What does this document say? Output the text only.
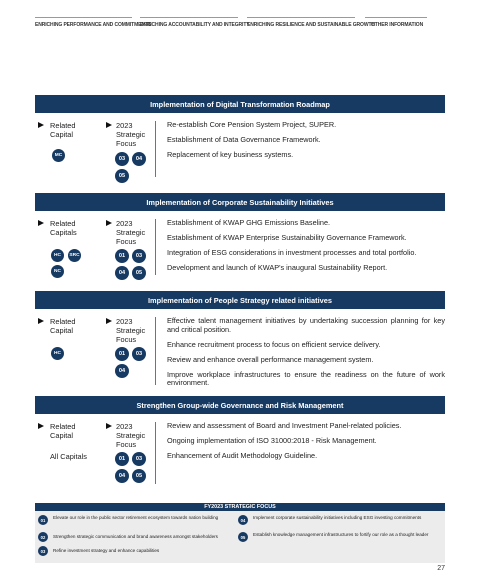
ENRICHING PERFORMANCE AND COMMITMENTS
ENRICHING ACCOUNTABILITY AND INTEGRITY
ENRICHING RESILIENCE AND SUSTAINABLE GROWTH
OTHER INFORMATION
Implementation of Digital Transformation Roadmap
Related Capital
MC
2023 Strategic Focus
03	04
05

Re-establish Core Pension System Project, SUPER.

Establishment of Data Governance Framework.

Replacement of key business systems.

Implementation of Corporate Sustainability Initiatives
Related Capitals
HC	SRC
NC
2023 Strategic Focus
01	03
04	05

Establishment of KWAP GHG Emissions Baseline.

Establishment of KWAP Enterprise Sustainability Governance Framework.

Integration of ESG considerations in investment processes and total portfolio.

Development and launch of KWAP's inaugural Sustainability Report.

Implementation of People Strategy related initiatives
Related Capital
HC
2023 Strategic Focus
01	03
04

Effective talent management initiatives by undertaking succession planning for key and critical position.

Enhance recruitment process to focus on efficient service delivery.

Review and enhance overall performance management system.

Improve workplace infrastructures to ensure the readiness on the future of work environment.

Strengthen Group-wide Governance and Risk Management
Related Capital
All Capitals
2023 Strategic Focus
01	03
04	05

Review and assessment of Board and Investment Panel-related policies.

Ongoing implementation of ISO 31000:2018 - Risk Management.

Enhancement of Audit Methodology Guideline.

FY2023 STRATEGIC FOCUS
01	Elevate our role in the public sector retirement ecosystem towards nation building
02	Strengthen strategic communication and brand awareness amongst stakeholders
03	Refine investment strategy and enhance capabilities
04	Implement corporate sustainability initiatives including ESG investing commitments
05	Establish knowledge management infrastructures to fortify our role as a thought leader
27
